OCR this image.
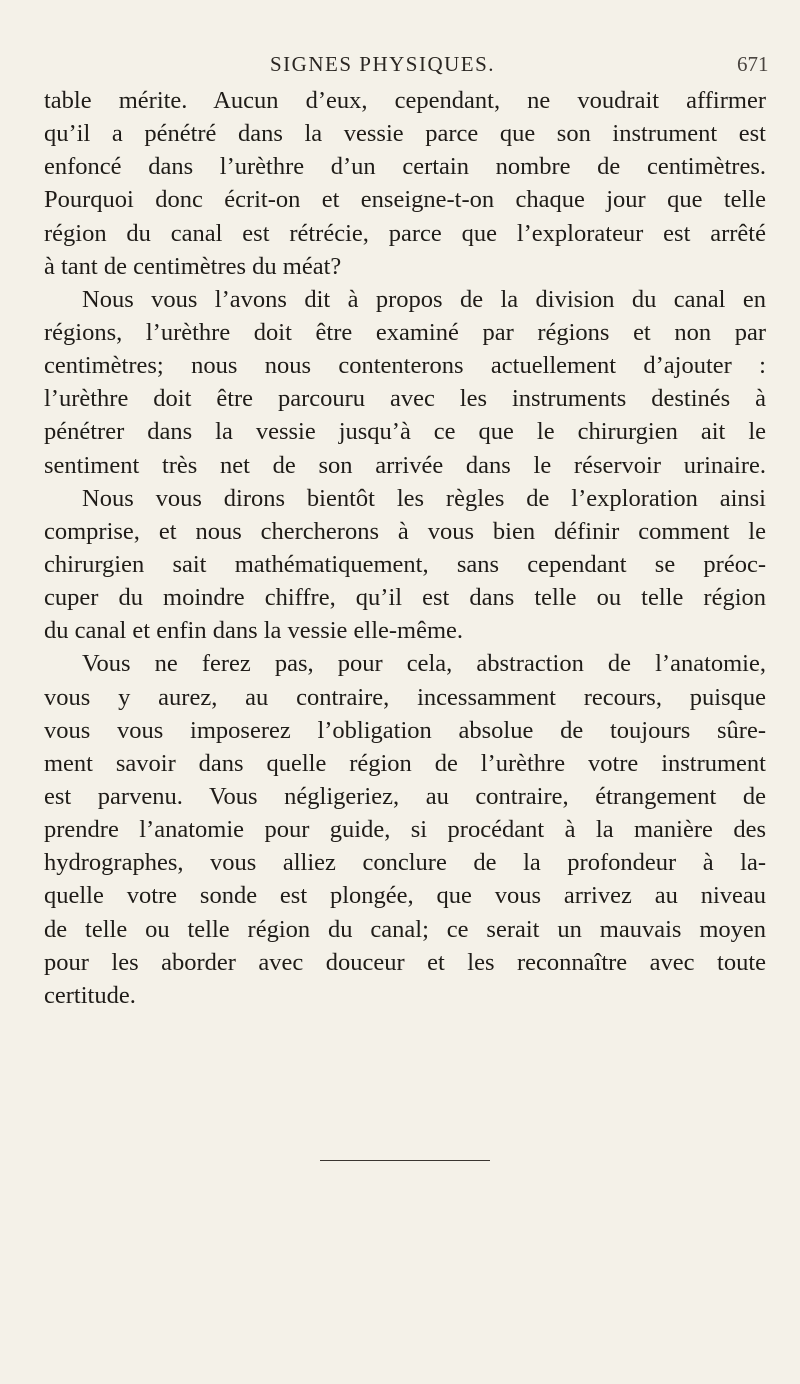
SIGNES PHYSIQUES.	671
table mérite. Aucun d’eux, cependant, ne voudrait affirmer
qu’il a pénétré dans la vessie parce que son instrument est
enfoncé dans l’urèthre d’un certain nombre de centimètres.
Pourquoi donc écrit-on et enseigne-t-on chaque jour que telle
région du canal est rétrécie, parce que l’explorateur est arrêté
à tant de centimètres du méat?
Nous vous l’avons dit à propos de la division du canal en
régions, l’urèthre doit être examiné par régions et non par
centimètres; nous nous contenterons actuellement d’ajouter :
l’urèthre doit être parcouru avec les instruments destinés à
pénétrer dans la vessie jusqu’à ce que le chirurgien ait le
sentiment très net de son arrivée dans le réservoir urinaire.
Nous vous dirons bientôt les règles de l’exploration ainsi
comprise, et nous chercherons à vous bien définir comment le
chirurgien sait mathématiquement, sans cependant se préoc-
cuper du moindre chiffre, qu’il est dans telle ou telle région
du canal et enfin dans la vessie elle-même.
Vous ne ferez pas, pour cela, abstraction de l’anatomie,
vous y aurez, au contraire, incessamment recours, puisque
vous vous imposerez l’obligation absolue de toujours sûre-
ment savoir dans quelle région de l’urèthre votre instrument
est parvenu. Vous négligeriez, au contraire, étrangement de
prendre l’anatomie pour guide, si procédant à la manière des
hydrographes, vous alliez conclure de la profondeur à la-
quelle votre sonde est plongée, que vous arrivez au niveau
de telle ou telle région du canal; ce serait un mauvais moyen
pour les aborder avec douceur et les reconnaître avec toute
certitude.
